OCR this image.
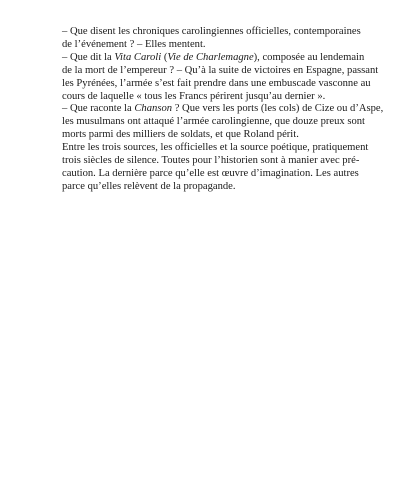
– Que disent les chroniques carolingiennes officielles, contemporaines
de l’événement ? – Elles mentent.

– Que dit la Vita Caroli (Vie de Charlemagne), composée au lendemain
de la mort de l’empereur ? – Qu’à la suite de victoires en Espagne, passant
les Pyrénées, l’armée s’est fait prendre dans une embuscade vasconne au
cours de laquelle « tous les Francs périrent jusqu’au dernier ».

– Que raconte la Chanson ? Que vers les ports (les cols) de Cize ou d’Aspe,
les musulmans ont attaqué l’armée carolingienne, que douze preux sont
morts parmi des milliers de soldats, et que Roland périt.

Entre les trois sources, les officielles et la source poétique, pratiquement
trois siècles de silence. Toutes pour l’historien sont à manier avec pré-
caution. La dernière parce qu’elle est œuvre d’imagination. Les autres
parce qu’elles relèvent de la propagande.
